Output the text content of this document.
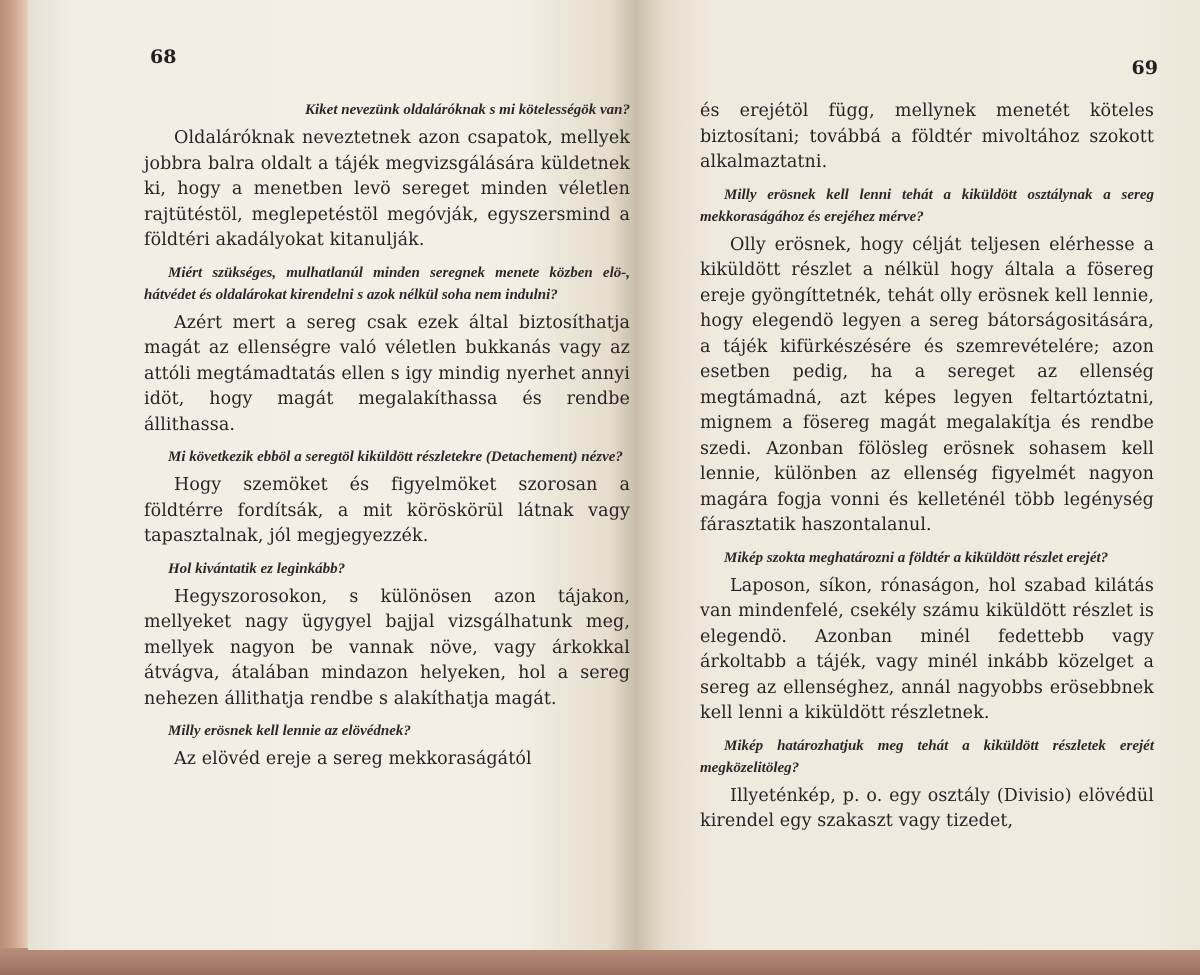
68
Kiket nevezünk oldaláróknak s mi kötelességök van?
Oldaláróknak neveztetnek azon csapatok, mellyek jobbra balra oldalt a tájék megvizsgálására küldetnek ki, hogy a menetben levö sereget minden véletlen rajtütéstöl, meglepetéstöl megóvják, egyszersmind a földtéri akadályokat kitanulják.
Miért szükséges, mulhatlanúl minden seregnek menete közben elö-, hátvédet és oldalárokat kirendelni s azok nélkül soha nem indulni?
Azért mert a sereg csak ezek által biztosíthatja magát az ellenségre való véletlen bukkanás vagy az attóli megtámadtatás ellen s igy mindig nyerhet annyi idöt, hogy magát megalakíthassa és rendbe állithassa.
Mi következik ebböl a seregtöl kiküldött részletekre (Detachement) nézve?
Hogy szemöket és figyelmöket szorosan a földtérre fordítsák, a mit köröskörül látnak vagy tapasztalnak, jól megjegyezzék.
Hol kivántatik ez leginkább?
Hegyszorosokon, s különösen azon tájakon, mellyeket nagy ügygyel bajjal vizsgálhatunk meg, mellyek nagyon be vannak növe, vagy árkokkal átvágva, átalában mindazon helyeken, hol a sereg nehezen állithatja rendbe s alakíthatja magát.
Milly erösnek kell lennie az elövédnek?
Az elövéd ereje a sereg mekkoraságától
69
és erejétöl függ, mellynek menetét köteles biztosítani; továbbá a földtér mivoltához szokott alkalmaztatni.
Milly erösnek kell lenni tehát a kiküldött osztálynak a sereg mekkoraságához és erejéhez mérve?
Olly erösnek, hogy célját teljesen elérhesse a kiküldött részlet a nélkül hogy általa a fösereg ereje gyöngíttetnék, tehát olly erösnek kell lennie, hogy elegendö legyen a sereg bátorságositására, a tájék kifürkészésére és szemrevételére; azon esetben pedig, ha a sereget az ellenség megtámadná, azt képes legyen feltartóztatni, mignem a fösereg magát megalakítja és rendbe szedi. Azonban fölösleg erösnek sohasem kell lennie, különben az ellenség figyelmét nagyon magára fogja vonni és kelleténél több legénység fárasztatik haszontalanul.
Mikép szokta meghatározni a földtér a kiküldött részlet erejét?
Laposon, síkon, rónaságon, hol szabad kilátás van mindenfelé, csekély számu kiküldött részlet is elegendö. Azonban minél fedettebb vagy árkoltabb a tájék, vagy minél inkább közelget a sereg az ellenséghez, annál nagyobbs erösebbnek kell lenni a kiküldött részletnek.
Mikép határozhatjuk meg tehát a kiküldött részletek erejét megközelitöleg?
Illyeténkép, p. o. egy osztály (Divisio) elövédül kirendel egy szakaszt vagy tizedet,
